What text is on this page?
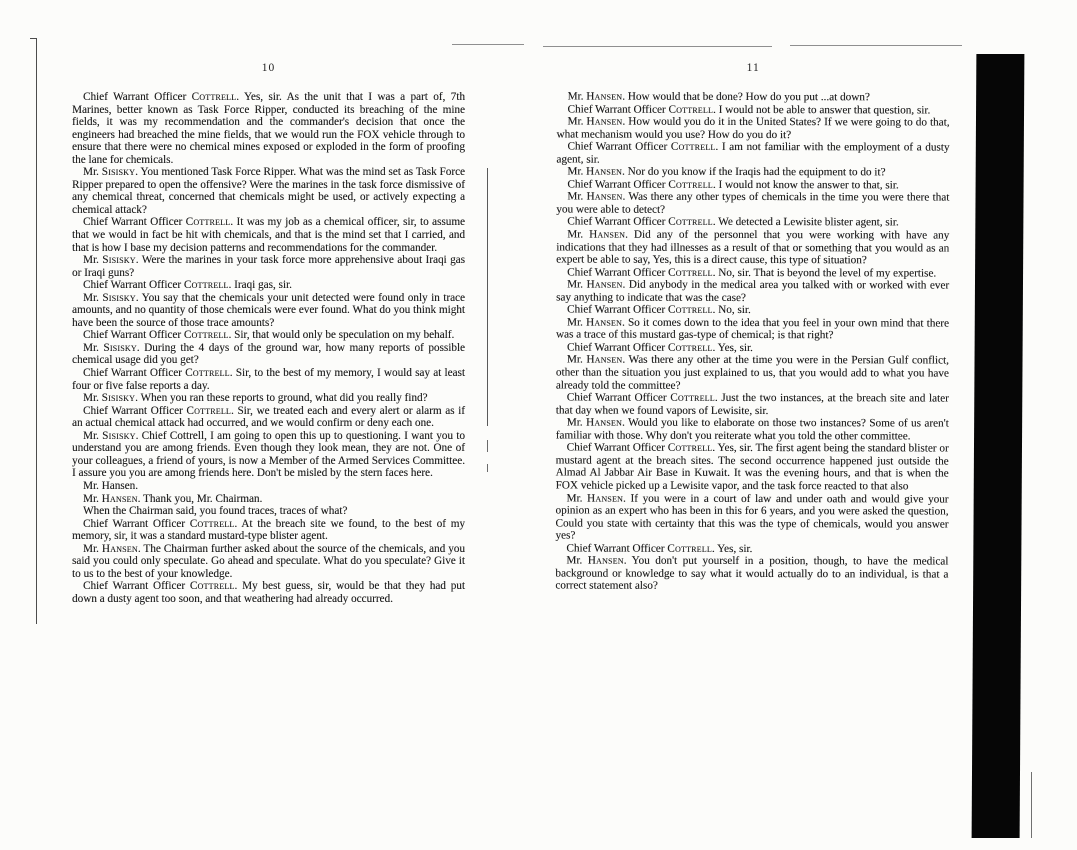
10

Chief Warrant Officer Cottrell. Yes, sir. As the unit that I was a part of, 7th Marines, better known as Task Force Ripper, conducted its breaching of the mine fields, it was my recommendation and the commander's decision that once the engineers had breached the mine fields, that we would run the FOX vehicle through to ensure that there were no chemical mines exposed or exploded in the form of proofing the lane for chemicals.

Mr. Sisisky. You mentioned Task Force Ripper. What was the mind set as Task Force Ripper prepared to open the offensive? Were the marines in the task force dismissive of any chemical threat, concerned that chemicals might be used, or actively expecting a chemical attack?

Chief Warrant Officer Cottrell. It was my job as a chemical officer, sir, to assume that we would in fact be hit with chemicals, and that is the mind set that I carried, and that is how I base my decision patterns and recommendations for the commander.

Mr. Sisisky. Were the marines in your task force more apprehensive about Iraqi gas or Iraqi guns?

Chief Warrant Officer Cottrell. Iraqi gas, sir.

Mr. Sisisky. You say that the chemicals your unit detected were found only in trace amounts, and no quantity of those chemicals were ever found. What do you think might have been the source of those trace amounts?

Chief Warrant Officer Cottrell. Sir, that would only be speculation on my behalf.

Mr. Sisisky. During the 4 days of the ground war, how many reports of possible chemical usage did you get?

Chief Warrant Officer Cottrell. Sir, to the best of my memory, I would say at least four or five false reports a day.

Mr. Sisisky. When you ran these reports to ground, what did you really find?

Chief Warrant Officer Cottrell. Sir, we treated each and every alert or alarm as if an actual chemical attack had occurred, and we would confirm or deny each one.

Mr. Sisisky. Chief Cottrell, I am going to open this up to questioning. I want you to understand you are among friends. Even though they look mean, they are not. One of your colleagues, a friend of yours, is now a Member of the Armed Services Committee. I assure you you are among friends here. Don't be misled by the stern faces here.

Mr. Hansen.

Mr. Hansen. Thank you, Mr. Chairman.

When the Chairman said, you found traces, traces of what?

Chief Warrant Officer Cottrell. At the breach site we found, to the best of my memory, sir, it was a standard mustard-type blister agent.

Mr. Hansen. The Chairman further asked about the source of the chemicals, and you said you could only speculate. Go ahead and speculate. What do you speculate? Give it to us to the best of your knowledge.

Chief Warrant Officer Cottrell. My best guess, sir, would be that they had put down a dusty agent too soon, and that weathering had already occurred.

11

Mr. Hansen. How would that be done? How do you put ...at down?

Chief Warrant Officer Cottrell. I would not be able to answer that question, sir.

Mr. Hansen. How would you do it in the United States? If we were going to do that, what mechanism would you use? How do you do it?

Chief Warrant Officer Cottrell. I am not familiar with the employment of a dusty agent, sir.

Mr. Hansen. Nor do you know if the Iraqis had the equipment to do it?

Chief Warrant Officer Cottrell. I would not know the answer to that, sir.

Mr. Hansen. Was there any other types of chemicals in the time you were there that you were able to detect?

Chief Warrant Officer Cottrell. We detected a Lewisite blister agent, sir.

Mr. Hansen. Did any of the personnel that you were working with have any indications that they had illnesses as a result of that or something that you would as an expert be able to say, Yes, this is a direct cause, this type of situation?

Chief Warrant Officer Cottrell. No, sir. That is beyond the level of my expertise.

Mr. Hansen. Did anybody in the medical area you talked with or worked with ever say anything to indicate that was the case?

Chief Warrant Officer Cottrell. No, sir.

Mr. Hansen. So it comes down to the idea that you feel in your own mind that there was a trace of this mustard gas-type of chemical; is that right?

Chief Warrant Officer Cottrell. Yes, sir.

Mr. Hansen. Was there any other at the time you were in the Persian Gulf conflict, other than the situation you just explained to us, that you would add to what you have already told the committee?

Chief Warrant Officer Cottrell. Just the two instances, at the breach site and later that day when we found vapors of Lewisite, sir.

Mr. Hansen. Would you like to elaborate on those two instances? Some of us aren't familiar with those. Why don't you reiterate what you told the other committee.

Chief Warrant Officer Cottrell. Yes, sir. The first agent being the standard blister or mustard agent at the breach sites. The second occurrence happened just outside the Almad Al Jabbar Air Base in Kuwait. It was the evening hours, and that is when the FOX vehicle picked up a Lewisite vapor, and the task force reacted to that also

Mr. Hansen. If you were in a court of law and under oath and would give your opinion as an expert who has been in this for 6 years, and you were asked the question, Could you state with certainty that this was the type of chemicals, would you answer yes?

Chief Warrant Officer Cottrell. Yes, sir.

Mr. Hansen. You don't put yourself in a position, though, to have the medical background or knowledge to say what it would actually do to an individual, is that a correct statement also?
